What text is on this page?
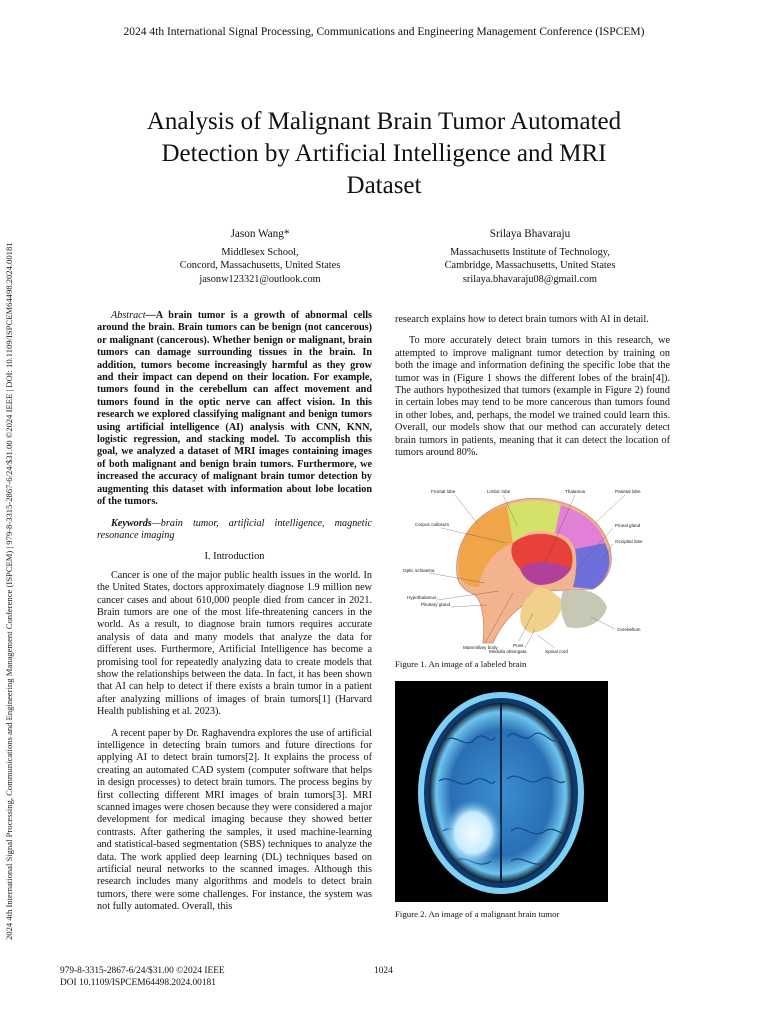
2024 4th International Signal Processing, Communications and Engineering Management Conference (ISPCEM)
2024 4th International Signal Processing, Communications and Engineering Management Conference (ISPCEM) | 979-8-3315-2867-6/24/$31.00 ©2024 IEEE | DOI: 10.1109/ISPCEM64498.2024.00181
Analysis of Malignant Brain Tumor Automated
Detection by Artificial Intelligence and MRI
Dataset
Jason Wang*
Middlesex School,
Concord, Massachusetts, United States
jasonw123321@outlook.com
Srilaya Bhavaraju
Massachusetts Institute of Technology,
Cambridge, Massachusetts, United States
srilaya.bhavaraju08@gmail.com

Abstract—A brain tumor is a growth of abnormal cells around the brain. Brain tumors can be benign (not cancerous) or malignant (cancerous). Whether benign or malignant, brain tumors can damage surrounding tissues in the brain. In addition, tumors become increasingly harmful as they grow and their impact can depend on their location. For example, tumors found in the cerebellum can affect movement and tumors found in the optic nerve can affect vision. In this research we explored classifying malignant and benign tumors using artificial intelligence (AI) analysis with CNN, KNN, logistic regression, and stacking model. To accomplish this goal, we analyzed a dataset of MRI images containing images of both malignant and benign brain tumors. Furthermore, we increased the accuracy of malignant brain tumor detection by augmenting this dataset with information about lobe location of the tumors.

Keywords—brain tumor, artificial intelligence, magnetic resonance imaging

I. Introduction

Cancer is one of the major public health issues in the world. In the United States, doctors approximately diagnose 1.9 million new cancer cases and about 610,000 people died from cancer in 2021. Brain tumors are one of the most life-threatening cancers in the world. As a result, to diagnose brain tumors requires accurate analysis of data and many models that analyze the data for different uses. Furthermore, Artificial Intelligence has become a promising tool for repeatedly analyzing data to create models that show the relationships between the data. In fact, it has been shown that AI can help to detect if there exists a brain tumor in a patient after analyzing millions of images of brain tumors[1] (Harvard Health publishing et al. 2023).

A recent paper by Dr. Raghavendra explores the use of artificial intelligence in detecting brain tumors and future directions for applying AI to detect brain tumors[2]. It explains the process of creating an automated CAD system (computer software that helps in design processes) to detect brain tumors. The process begins by first collecting different MRI images of brain tumors[3]. MRI scanned images were chosen because they were considered a major development for medical imaging because they showed better contrasts. After gathering the samples, it used machine-learning and statistical-based segmentation (SBS) techniques to analyze the data. The work applied deep learning (DL) techniques based on artificial neural networks to the scanned images. Although this research includes many algorithms and models to detect brain tumors, there were some challenges. For instance, the system was not fully automated. Overall, this

research explains how to detect brain tumors with AI in detail.

To more accurately detect brain tumors in this research, we attempted to improve malignant tumor detection by training on both the image and information defining the specific lobe that the tumor was in (Figure 1 shows the different lobes of the brain[4]). The authors hypothesized that tumors (example in Figure 2) found in certain lobes may tend to be more cancerous than tumors found in other lobes, and, perhaps, the model we trained could learn this. Overall, our models show that our method can accurately detect brain tumors in patients, meaning that it can detect the location of tumors around 80%.

Frontal lobe	Limbic lobe	Thalamus	Parietal lobe
Corpus callosum	Pineal gland
Occipital lobe
Optic schiasma
Hypothalamus
Pituitary gland
Mammillary body	Pons
Medulla oblongata	Spinal cord
Cerebellum
Figure 1. An image of a labeled brain
Figure 2. An image of a malignant brain tumor
979-8-3315-2867-6/24/$31.00 ©2024 IEEE
DOI 10.1109/ISPCEM64498.2024.00181
1024
